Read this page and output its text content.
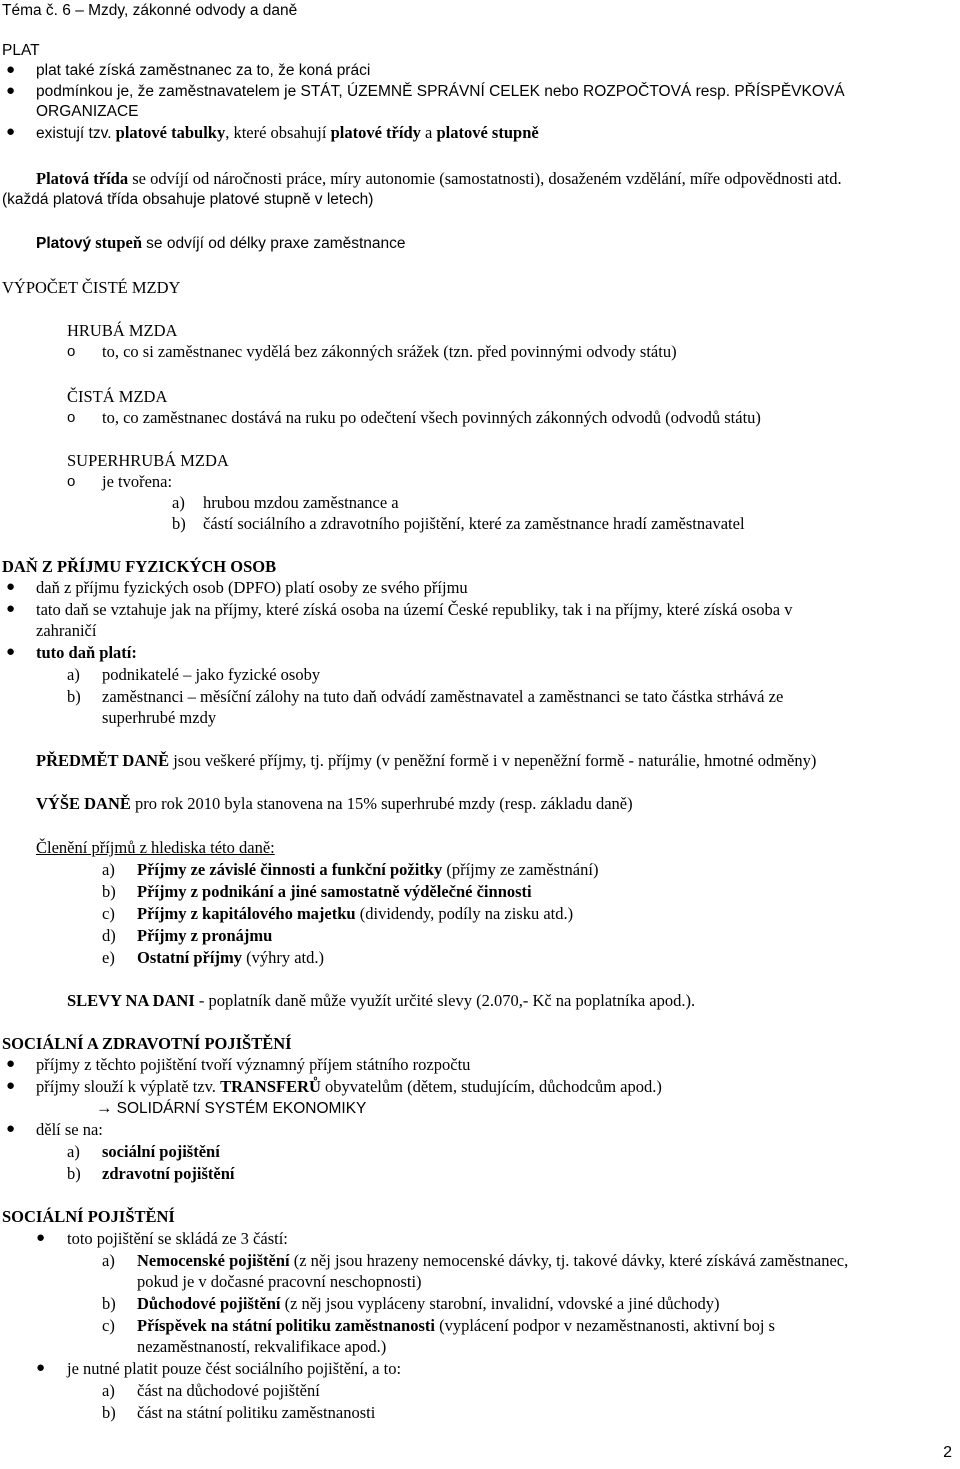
Téma č. 6 – Mzdy, zákonné odvody a daně
PLAT
● plat také získá zaměstnanec za to, že koná práci
● podmínkou je, že zaměstnavatelem je STÁT, ÚZEMNĚ SPRÁVNÍ CELEK nebo ROZPOČTOVÁ resp. PŘÍSPĚVKOVÁ
ORGANIZACE
● existují tzv. platové tabulky, které obsahují platové třídy a platové stupně
Platová třída se odvíjí od náročnosti práce, míry autonomie (samostatnosti), dosaženém vzdělání, míře odpovědnosti atd.
(každá platová třída obsahuje platové stupně v letech)
Platový stupeň se odvíjí od délky praxe zaměstnance
VÝPOČET ČISTÉ MZDY
HRUBÁ MZDA
o to, co si zaměstnanec vydělá bez zákonných srážek (tzn. před povinnými odvody státu)
ČISTÁ MZDA
o to, co zaměstnanec dostává na ruku po odečtení všech povinných zákonných odvodů (odvodů státu)
SUPERHRUBÁ MZDA
o je tvořena:
a) hrubou mzdou zaměstnance a
b) částí sociálního a zdravotního pojištění, které za zaměstnance hradí zaměstnavatel
DAŇ Z PŘÍJMU FYZICKÝCH OSOB
● daň z příjmu fyzických osob (DPFO) platí osoby ze svého příjmu
● tato daň se vztahuje jak na příjmy, které získá osoba na území České republiky, tak i na příjmy, které získá osoba v
zahraničí
● tuto daň platí:
a) podnikatelé – jako fyzické osoby
b) zaměstnanci – měsíční zálohy na tuto daň odvádí zaměstnavatel a zaměstnanci se tato částka strhává ze
superhrubé mzdy
PŘEDMĚT DANĚ jsou veškeré příjmy, tj. příjmy (v peněžní formě i v nepeněžní formě - naturálie, hmotné odměny)
VÝŠE DANĚ pro rok 2010 byla stanovena na 15% superhrubé mzdy (resp. základu daně)
Členění příjmů z hlediska této daně:
a) Příjmy ze závislé činnosti a funkční požitky (příjmy ze zaměstnání)
b) Příjmy z podnikání a jiné samostatně výdělečné činnosti
c) Příjmy z kapitálového majetku (dividendy, podíly na zisku atd.)
d) Příjmy z pronájmu
e) Ostatní příjmy (výhry atd.)
SLEVY NA DANI - poplatník daně může využít určité slevy (2.070,- Kč na poplatníka apod.).
SOCIÁLNÍ A ZDRAVOTNÍ POJIŠTĚNÍ
● příjmy z těchto pojištění tvoří významný příjem státního rozpočtu
● příjmy slouží k výplatě tzv. TRANSFERŮ obyvatelům (dětem, studujícím, důchodcům apod.)
→ SOLIDÁRNÍ SYSTÉM EKONOMIKY
● dělí se na:
a) sociální pojištění
b) zdravotní pojištění
SOCIÁLNÍ POJIŠTĚNÍ
● toto pojištění se skládá ze 3 částí:
a) Nemocenské pojištění (z něj jsou hrazeny nemocenské dávky, tj. takové dávky, které získává zaměstnanec,
pokud je v dočasné pracovní neschopnosti)
b) Důchodové pojištění (z něj jsou vypláceny starobní, invalidní, vdovské a jiné důchody)
c) Příspěvek na státní politiku zaměstnanosti (vyplácení podpor v nezaměstnanosti, aktivní boj s
nezaměstnaností, rekvalifikace apod.)
● je nutné platit pouze čést sociálního pojištění, a to:
a) část na důchodové pojištění
b) část na státní politiku zaměstnanosti
2
